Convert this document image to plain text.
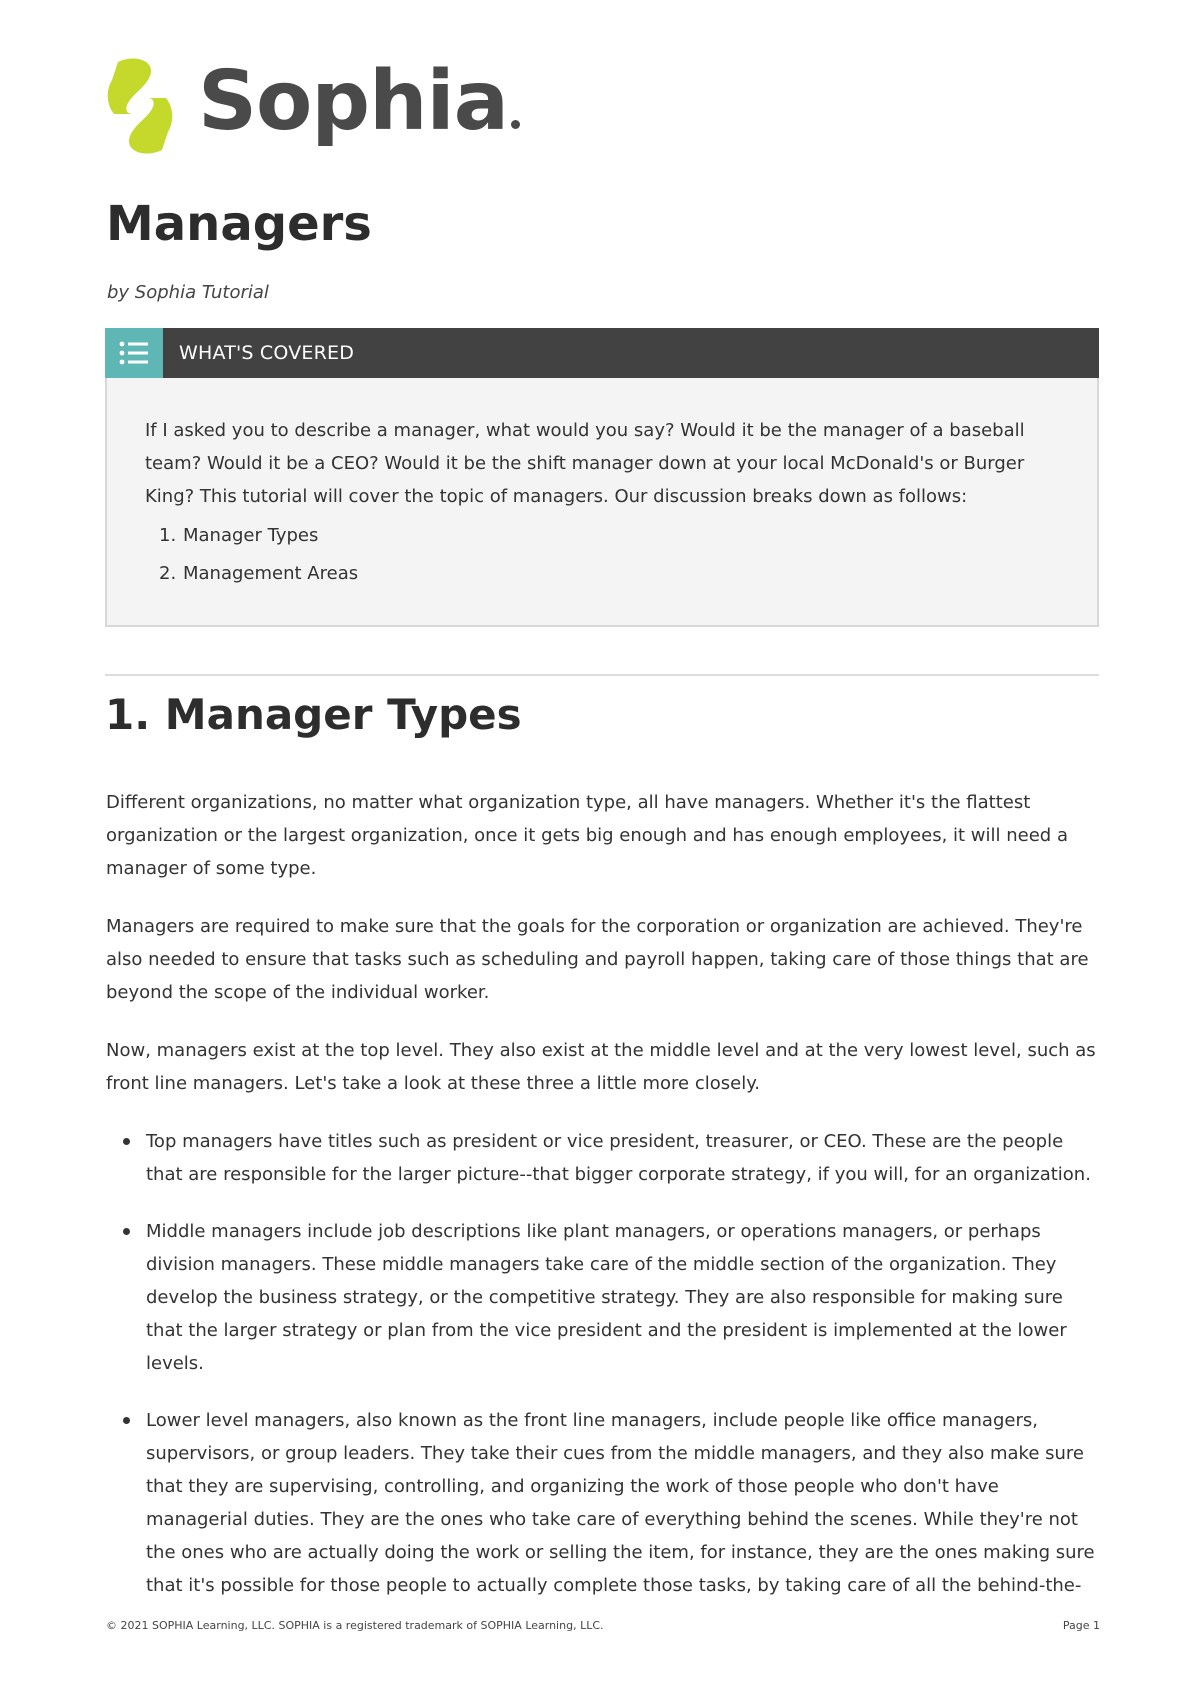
Sophia
Managers
by Sophia Tutorial
WHAT'S COVERED

If I asked you to describe a manager, what would you say? Would it be the manager of a baseball team? Would it be a CEO? Would it be the shift manager down at your local McDonald's or Burger King? This tutorial will cover the topic of managers. Our discussion breaks down as follows:

1. Manager Types
2. Management Areas
1. Manager Types

Different organizations, no matter what organization type, all have managers. Whether it's the flattest organization or the largest organization, once it gets big enough and has enough employees, it will need a manager of some type.

Managers are required to make sure that the goals for the corporation or organization are achieved. They're also needed to ensure that tasks such as scheduling and payroll happen, taking care of those things that are beyond the scope of the individual worker.

Now, managers exist at the top level. They also exist at the middle level and at the very lowest level, such as front line managers. Let's take a look at these three a little more closely.

Top managers have titles such as president or vice president, treasurer, or CEO. These are the people that are responsible for the larger picture--that bigger corporate strategy, if you will, for an organization.
Middle managers include job descriptions like plant managers, or operations managers, or perhaps division managers. These middle managers take care of the middle section of the organization. They develop the business strategy, or the competitive strategy. They are also responsible for making sure that the larger strategy or plan from the vice president and the president is implemented at the lower levels.
Lower level managers, also known as the front line managers, include people like office managers, supervisors, or group leaders. They take their cues from the middle managers, and they also make sure that they are supervising, controlling, and organizing the work of those people who don't have managerial duties. They are the ones who take care of everything behind the scenes. While they're not the ones who are actually doing the work or selling the item, for instance, they are the ones making sure that it's possible for those people to actually complete those tasks, by taking care of all the behind-the-
© 2021 SOPHIA Learning, LLC. SOPHIA is a registered trademark of SOPHIA Learning, LLC.	Page 1
